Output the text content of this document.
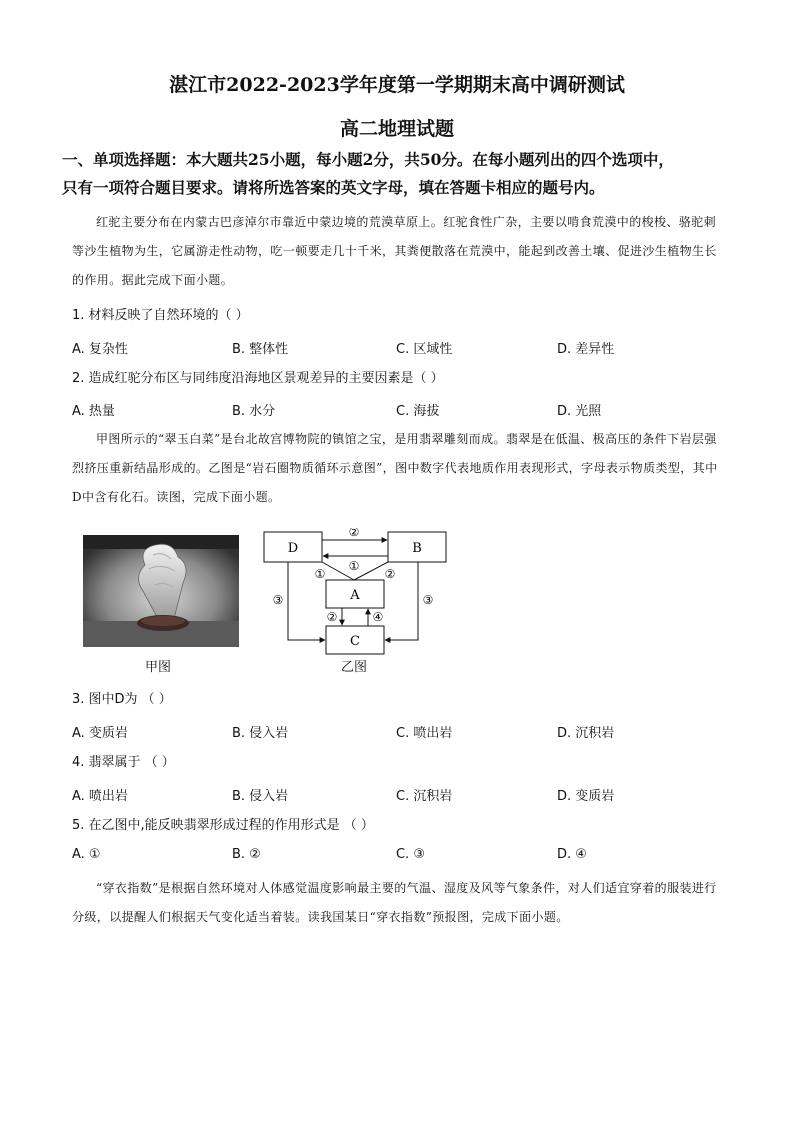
湛江市2022-2023学年度第一学期期末高中调研测试
高二地理试题
一、单项选择题：本大题共25小题，每小题2分，共50分。在每小题列出的四个选项中，
只有一项符合题目要求。请将所选答案的英文字母，填在答题卡相应的题号内。
红驼主要分布在内蒙古巴彦淖尔市靠近中蒙边境的荒漠草原上。红驼食性广杂，主要以啃食荒漠中的梭梭、骆驼刺等沙生植物为生，它属游走性动物，吃一顿要走几十千米，其粪便散落在荒漠中，能起到改善土壤、促进沙生植物生长的作用。据此完成下面小题。
1. 材料反映了自然环境的（ ）
A. 复杂性	B. 整体性	C. 区域性	D. 差异性
2. 造成红驼分布区与同纬度沿海地区景观差异的主要因素是（ ）
A. 热量	B. 水分	C. 海拔	D. 光照
甲图所示的“翠玉白菜”是台北故宫博物院的镇馆之宝，是用翡翠雕刻而成。翡翠是在低温、极高压的条件下岩层强烈挤压重新结晶形成的。乙图是“岩石圈物质循环示意图”，图中数字代表地质作用表现形式，字母表示物质类型，其中D中含有化石。读图，完成下面小题。
甲图
D	B
A
C
②
①
①	②
③	③
②	④
乙图
3. 图中D为 （ ）
A. 变质岩	B. 侵入岩	C. 喷出岩	D. 沉积岩
4. 翡翠属于 （ ）
A. 喷出岩	B. 侵入岩	C. 沉积岩	D. 变质岩
5. 在乙图中,能反映翡翠形成过程的作用形式是 （ ）
A. ①	B. ②	C. ③	D. ④
“穿衣指数”是根据自然环境对人体感觉温度影响最主要的气温、湿度及风等气象条件，对人们适宜穿着的服装进行分级，以提醒人们根据天气变化适当着装。读我国某日“穿衣指数”预报图，完成下面小题。
